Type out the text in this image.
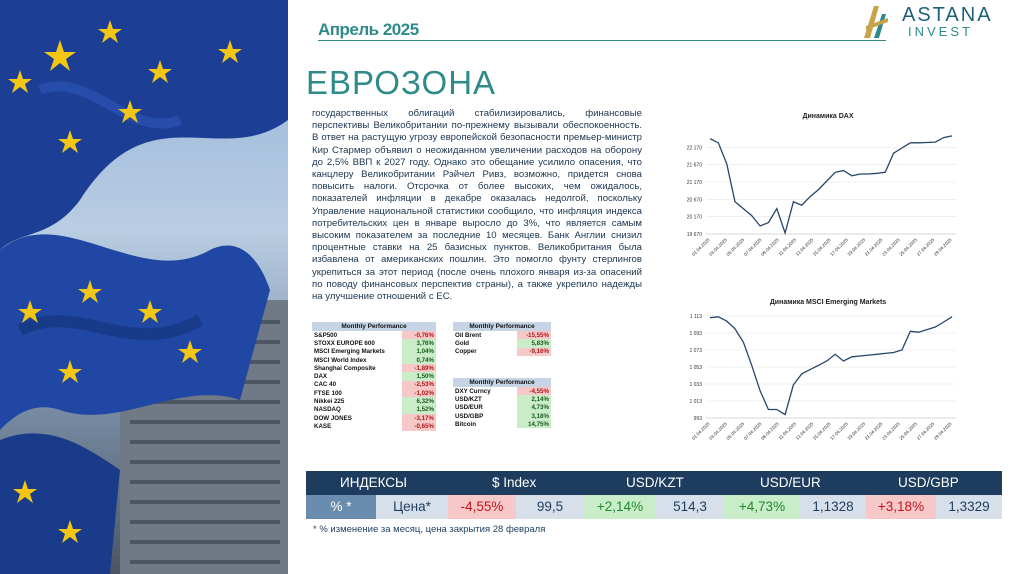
Апрель 2025
ASTANA
INVEST
ЕВРОЗОНА
государственных облигаций стабилизировались, финансовые перспективы Великобритании по-прежнему вызывали обеспокоенность. В ответ на растущую угрозу европейской безопасности премьер-министр Кир Стармер объявил о неожиданном увеличении расходов на оборону до 2,5% ВВП к 2027 году. Однако это обещание усилило опасения, что канцлеру Великобритании Рэйчел Ривз, возможно, придется снова повысить налоги. Отсрочка от более высоких, чем ожидалось, показателей инфляции в декабре оказалась недолгой, поскольку Управление национальной статистики сообщило, что инфляция индекса потребительских цен в январе выросло до 3%, что является самым высоким показателем за последние 10 месяцев. Банк Англии снизил процентные ставки на 25 базисных пунктов. Великобритания была избавлена от американских пошлин. Это помогло фунту стерлингов укрепиться за этот период (после очень плохого января из-за опасений по поводу финансовых перспектив страны), а также укрепило надежды на улучшение отношений с ЕС.
Monthly Performance	
S&P500	-0,76%
STOXX EUROPE 600	3,76%
MSCI Emerging Markets	1,04%
MSCI World Index	0,74%
Shanghai Composite	-1,89%
DAX	1,50%
CAC 40	-2,53%
FTSE 100	-1,02%
Nikkei 225	6,32%
NASDAQ	1,52%
DOW JONES	-3,17%
KASE	-0,65%
Monthly Performance	
Oil Brent	-15,55%
Gold	5,83%
Copper	-9,16%
Monthly Performance	
DXY Curncy	-4,55%
USD/KZT	2,14%
USD/EUR	4,73%
USD/GBP	3,18%
Bitcoin	14,75%
Динамика DAX
19 670
20 170
20 670
21 170
21 670
22 170
01.04.2025
03.04.2025
05.04.2025
07.04.2025
09.04.2025
11.04.2025
13.04.2025
15.04.2025
17.04.2025
19.04.2025
21.04.2025
23.04.2025
25.04.2025
27.04.2025
29.04.2025
Динамика MSCI Emerging Markets
993
1 013
1 033
1 053
1 073
1 093
1 113
01.04.2025
03.04.2025
05.04.2025
07.04.2025
08.04.2025
11.04.2025
13.04.2025
15.04.2025
17.04.2025
19.04.2025
21.04.2025
23.04.2025
25.04.2025
27.04.2025
29.04.2025
ИНДЕКСЫ	$ Index	USD/KZT	USD/EUR	USD/GBP
% *	Цена*	-4,55%	99,5	+2,14%	514,3	+4,73%	1,1328	+3,18%	1,3329
* % изменение за месяц, цена закрытия 28 февраля
